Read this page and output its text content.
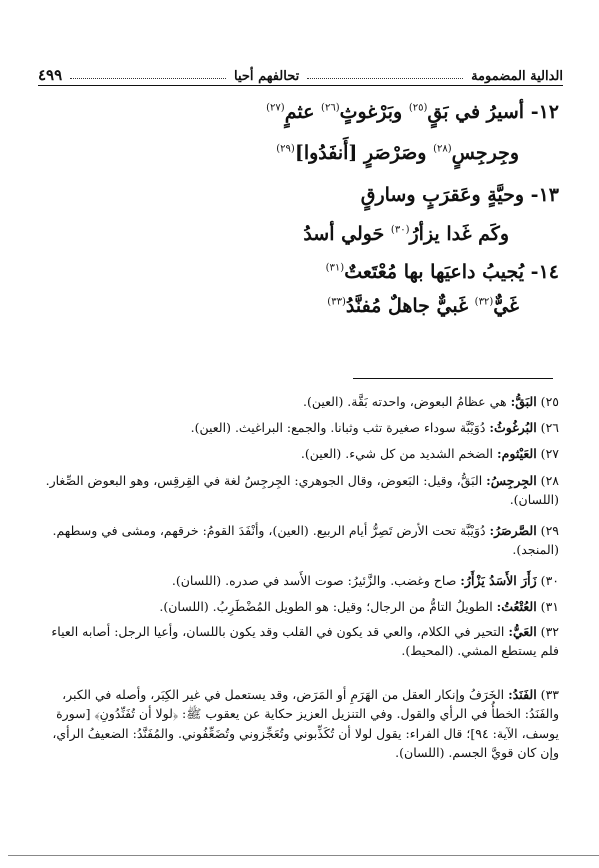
الدالية المضمومة
تحالفهم أحيا
٤٩٩
١٢- أسيرُ في بَقٍ$^{(٢٥)}$ وبَرْغوثٍ$^{(٢٦)}$ عثمٍ$^{(٢٧)}$
وجِرجِسٍ$^{(٢٨)}$ وصَرْصَرٍ [أَنفَدُوا]$^{(٢٩)}$
١٣- وحيَّةٍ وعَقرَبٍ وسارقٍ
وكَم غَدا يزأرُ$^{(٣٠)}$ حَولي أسدُ
١٤- يُجيبُ داعيَها بها مُعْتَعتٌ$^{(٣١)}$
غَيٌّ$^{(٣٢)}$ غَبيٌّ جاهلٌ مُفنَّدُ$^{(٣٣)}$
٢٥) البَقُّ: هي عظامُ البعوض، واحدته بَقَّة. (العين).
٢٦) البُرغُوثُ: دُوَيْبَّة سوداء صغيرة تثب وثبانا. والجمع: البراغيث. (العين).
٢٧) العَيْثوم: الضخم الشديد من كل شيء. (العين).
٢٨) الجِرجِسُ: البَقُّ، وقيل: البَعوض، وقال الجوهري: الجِرجِسُ لغة في القِرقِس، وهو البعوض الصِّغار. (اللسان).
٢٩) الصَّرصَرُ: دُوَيْبَّة تحت الأرض تَصِرُّ أيام الربيع. (العين)، وأنْفَدَ القومُ: خرقهم، ومشى في وسطهم. (المنجد).
٣٠) زَأَرَ الأَسَدُ يَزْأَرُ: صاح وغضب. والزَّئيرُ: صوت الأَسد في صدره. (اللسان).
٣١) العُتْعُتُ: الطويلُ التامُّ من الرجال؛ وقيل: هو الطويل المُضْطَرِبُ. (اللسان).
٣٢) العَيُّ: التحير في الكلام، والعي قد يكون في القلب وقد يكون باللسان، وأعيا الرجل: أصابه العياء فلم يستطع المشي. (المحيط).
٣٣) الفَنَدُ: الخَرَفُ وإنكار العقل من الهَرَمِ أو المَرَض، وقد يستعمل في غير الكِبَر، وأصله في الكبر، والفَنَدُ: الخطأُ في الرأي والقول. وفي التنزيل العزيز حكاية عن يعقوب ﷺ: ﴿لولا أن تُفَنِّدُونِ﴾ [سورة يوسف، الآية: ٩٤]؛ قال الفراء: يقول لولا أن تُكَذِّبوني وتُعَجِّزوني وتُضَعِّفُوني. والمُفَنَّدُ: الضعيفُ الرأي، وإن كان قويَّ الجسم. (اللسان).
